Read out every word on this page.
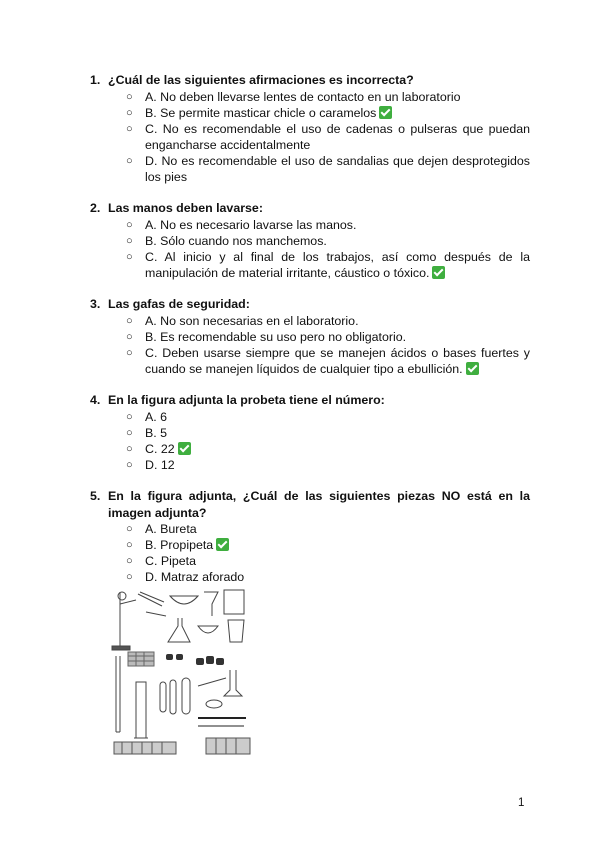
1. ¿Cuál de las siguientes afirmaciones es incorrecta?
○ A. No deben llevarse lentes de contacto en un laboratorio
○ B. Se permite masticar chicle o caramelos
○ C. No es recomendable el uso de cadenas o pulseras que puedan engancharse accidentalmente
○ D. No es recomendable el uso de sandalias que dejen desprotegidos los pies
2. Las manos deben lavarse:
○ A. No es necesario lavarse las manos.
○ B. Sólo cuando nos manchemos.
○ C. Al inicio y al final de los trabajos, así como después de la manipulación de material irritante, cáustico o tóxico.
3. Las gafas de seguridad:
○ A. No son necesarias en el laboratorio.
○ B. Es recomendable su uso pero no obligatorio.
○ C. Deben usarse siempre que se manejen ácidos o bases fuertes y cuando se manejen líquidos de cualquier tipo a ebullición.
4. En la figura adjunta la probeta tiene el número:
○ A. 6
○ B. 5
○ C. 22
○ D. 12
5. En la figura adjunta, ¿Cuál de las siguientes piezas NO está en la imagen adjunta?
○ A. Bureta
○ B. Propipeta
○ C. Pipeta
○ D. Matraz aforado
1
